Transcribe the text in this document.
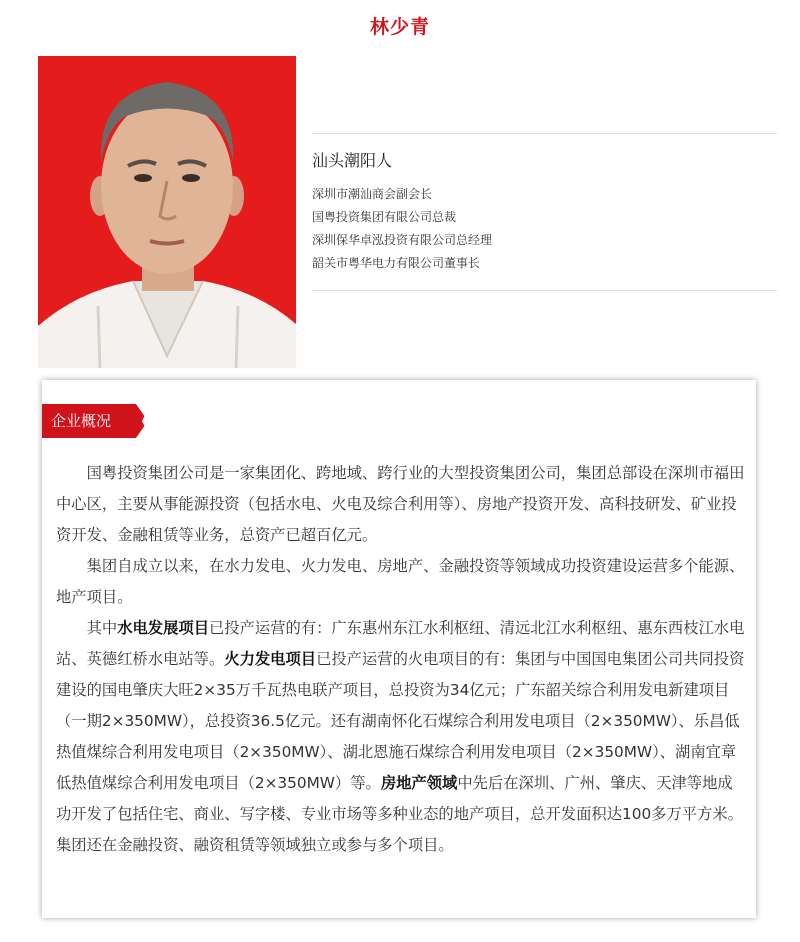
林少青
汕头潮阳人
深圳市潮汕商会副会长
国粤投资集团有限公司总裁
深圳保华卓泓投资有限公司总经理
韶关市粤华电力有限公司董事长
企业概况

国粤投资集团公司是一家集团化、跨地域、跨行业的大型投资集团公司，集团总部设在深圳市福田中心区，主要从事能源投资（包括水电、火电及综合利用等）、房地产投资开发、高科技研发、矿业投资开发、金融租赁等业务，总资产已超百亿元。

集团自成立以来，在水力发电、火力发电、房地产、金融投资等领域成功投资建设运营多个能源、地产项目。

其中水电发展项目已投产运营的有：广东惠州东江水利枢纽、清远北江水利枢纽、惠东西枝江水电站、英德红桥水电站等。火力发电项目已投产运营的火电项目的有：集团与中国国电集团公司共同投资建设的国电肇庆大旺2×35万千瓦热电联产项目，总投资为34亿元；广东韶关综合利用发电新建项目（一期2×350MW），总投资36.5亿元。还有湖南怀化石煤综合利用发电项目（2×350MW）、乐昌低热值煤综合利用发电项目（2×350MW）、湖北恩施石煤综合利用发电项目（2×350MW）、湖南宜章低热值煤综合利用发电项目（2×350MW）等。房地产领域中先后在深圳、广州、肇庆、天津等地成功开发了包括住宅、商业、写字楼、专业市场等多种业态的地产项目，总开发面积达100多万平方米。集团还在金融投资、融资租赁等领域独立或参与多个项目。
